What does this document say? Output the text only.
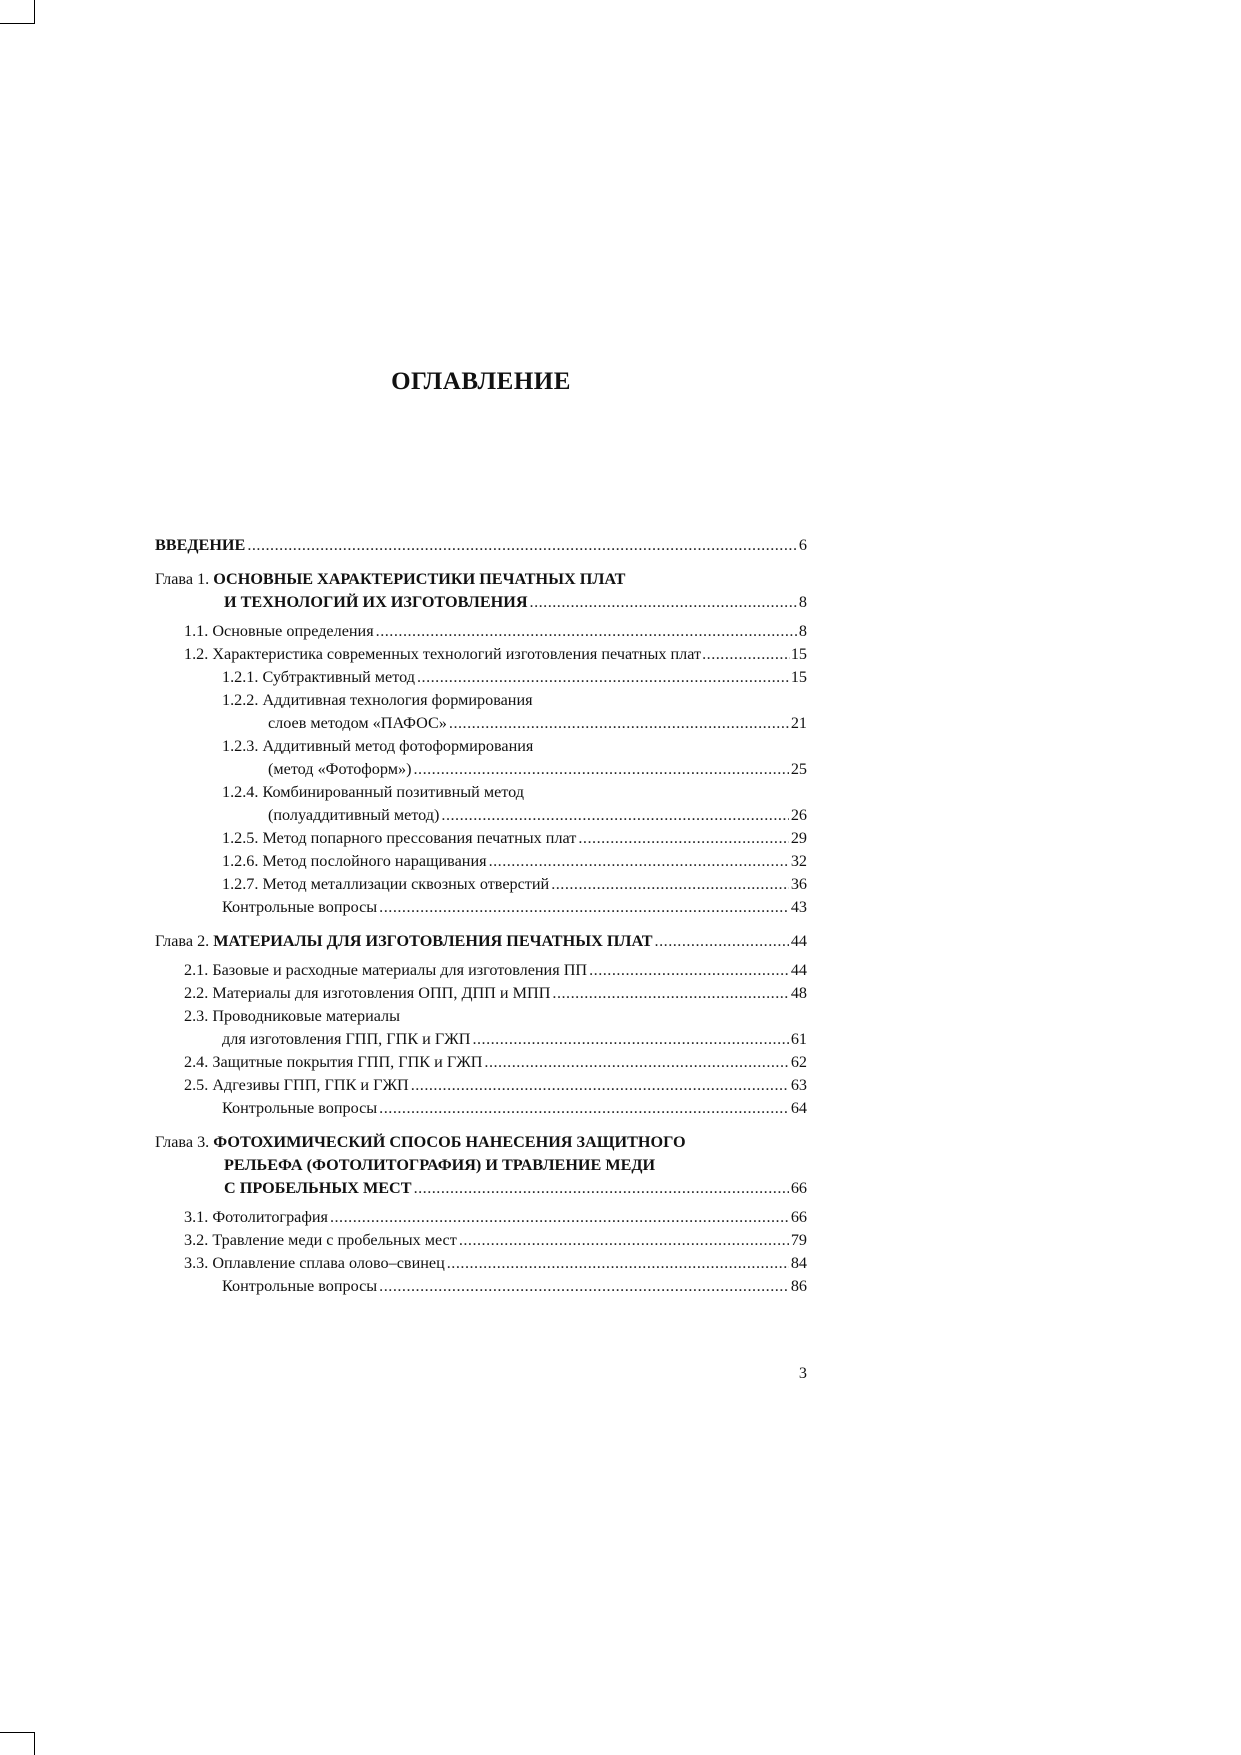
ОГЛАВЛЕНИЕ
ВВЕДЕНИЕ .....	6
Глава 1. ОСНОВНЫЕ ХАРАКТЕРИСТИКИ ПЕЧАТНЫХ ПЛАТ
И ТЕХНОЛОГИЙ ИХ ИЗГОТОВЛЕНИЯ .....	8
1.1. Основные определения .....	8
1.2. Характеристика современных технологий изготовления печатных плат .....	15
1.2.1. Субтрактивный метод .....	15
1.2.2. Аддитивная технология формирования
слоев методом «ПАФОС» .....	21
1.2.3. Аддитивный метод фотоформирования
(метод «Фотоформ») .....	25
1.2.4. Комбинированный позитивный метод
(полуаддитивный метод) .....	26
1.2.5. Метод попарного прессования печатных плат .....	29
1.2.6. Метод послойного наращивания .....	32
1.2.7. Метод металлизации сквозных отверстий .....	36
Контрольные вопросы .....	43
Глава 2. МАТЕРИАЛЫ ДЛЯ ИЗГОТОВЛЕНИЯ ПЕЧАТНЫХ ПЛАТ .....	44
2.1. Базовые и расходные материалы для изготовления ПП .....	44
2.2. Материалы для изготовления ОПП, ДПП и МПП .....	48
2.3. Проводниковые материалы
для изготовления ГПП, ГПК и ГЖП .....	61
2.4. Защитные покрытия ГПП, ГПК и ГЖП .....	62
2.5. Адгезивы ГПП, ГПК и ГЖП .....	63
Контрольные вопросы .....	64
Глава 3. ФОТОХИМИЧЕСКИЙ СПОСОБ НАНЕСЕНИЯ ЗАЩИТНОГО
РЕЛЬЕФА (ФОТОЛИТОГРАФИЯ) И ТРАВЛЕНИЕ МЕДИ
С ПРОБЕЛЬНЫХ МЕСТ .....	66
3.1. Фотолитография .....	66
3.2. Травление меди с пробельных мест .....	79
3.3. Оплавление сплава олово–свинец .....	84
Контрольные вопросы .....	86
3
